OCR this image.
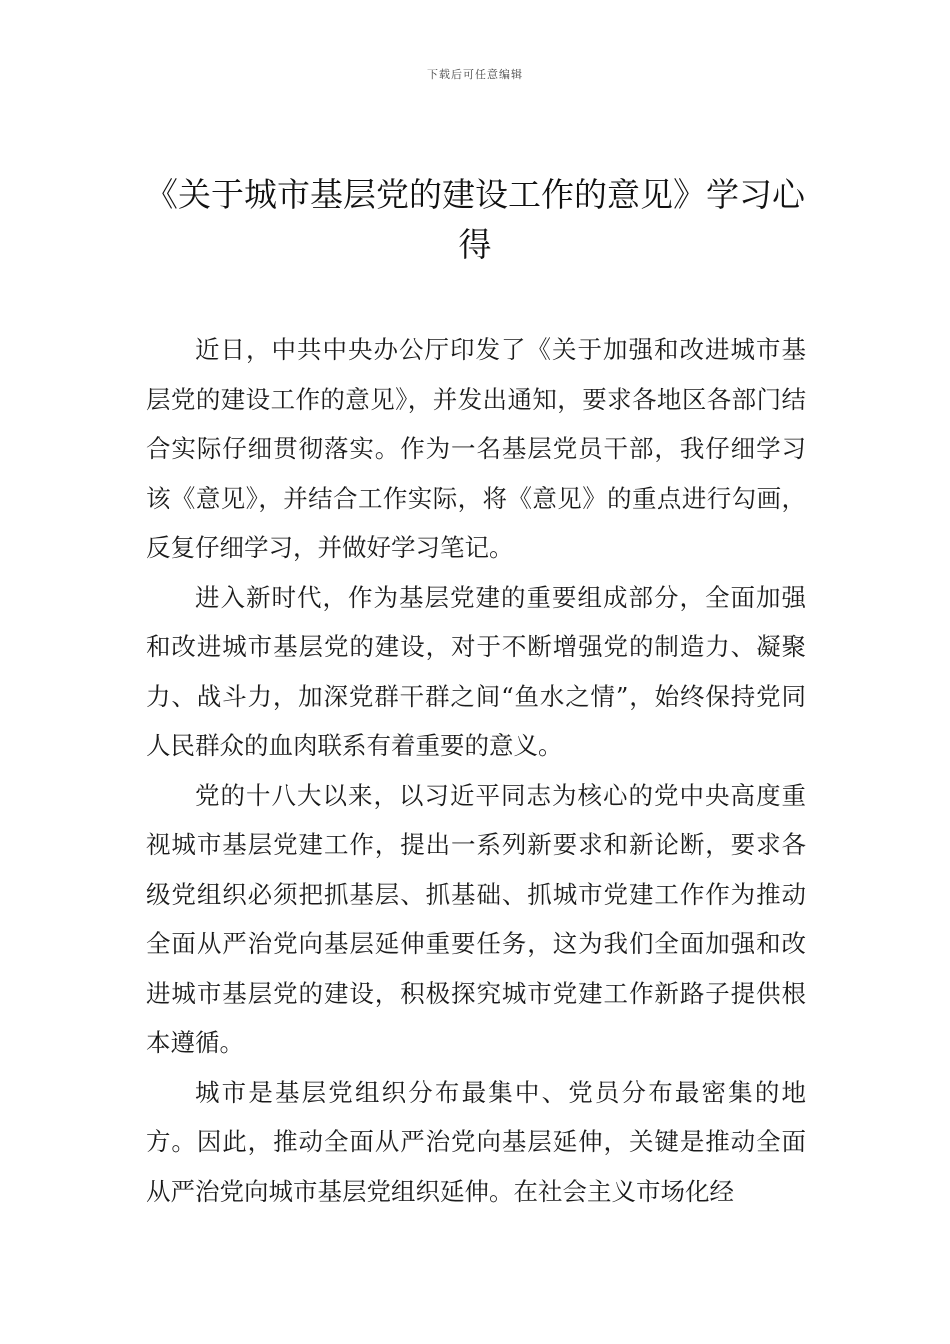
下载后可任意编辑
《关于城市基层党的建设工作的意见》学习心得

近日，中共中央办公厅印发了《关于加强和改进城市基层党的建设工作的意见》，并发出通知，要求各地区各部门结合实际仔细贯彻落实。作为一名基层党员干部，我仔细学习该《意见》，并结合工作实际，将《意见》的重点进行勾画，反复仔细学习，并做好学习笔记。

进入新时代，作为基层党建的重要组成部分，全面加强和改进城市基层党的建设，对于不断增强党的制造力、凝聚力、战斗力，加深党群干群之间“鱼水之情”，始终保持党同人民群众的血肉联系有着重要的意义。

党的十八大以来，以习近平同志为核心的党中央高度重视城市基层党建工作，提出一系列新要求和新论断，要求各级党组织必须把抓基层、抓基础、抓城市党建工作作为推动全面从严治党向基层延伸重要任务，这为我们全面加强和改进城市基层党的建设，积极探究城市党建工作新路子提供根本遵循。

城市是基层党组织分布最集中、党员分布最密集的地方。因此，推动全面从严治党向基层延伸，关键是推动全面从严治党向城市基层党组织延伸。在社会主义市场化经
